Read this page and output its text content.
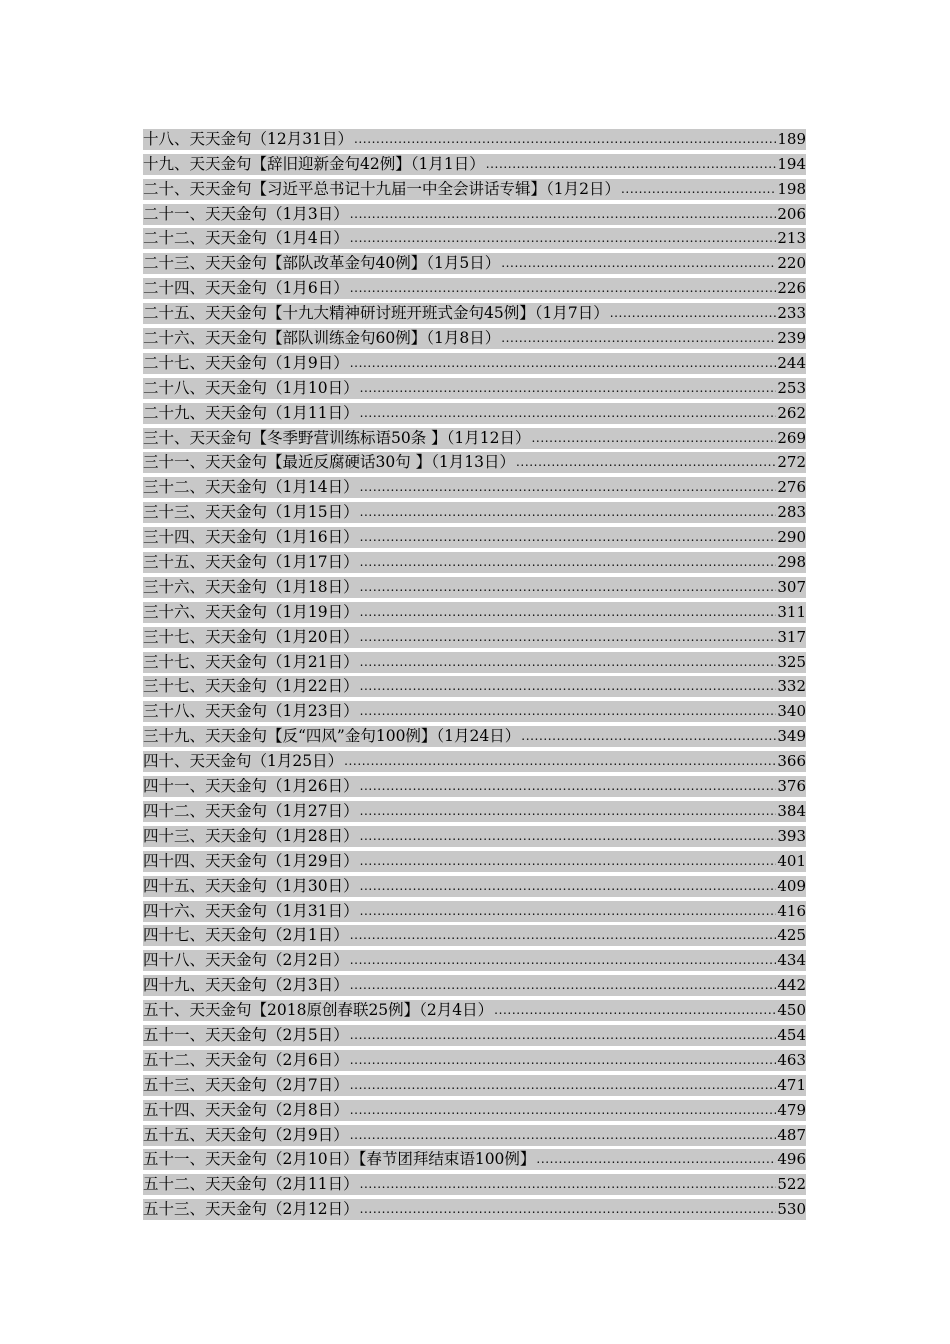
十八、天天金句（12月31日） .....	189
十九、天天金句【辞旧迎新金句42例】（1月1日） .....	194
二十、天天金句【习近平总书记十九届一中全会讲话专辑】（1月2日） .....	198
二十一、天天金句（1月3日） .....	206
二十二、天天金句（1月4日） .....	213
二十三、天天金句【部队改革金句40例】（1月5日） .....	220
二十四、天天金句（1月6日） .....	226
二十五、天天金句【十九大精神研讨班开班式金句45例】（1月7日） .....	233
二十六、天天金句【部队训练金句60例】（1月8日） .....	239
二十七、天天金句（1月9日） .....	244
二十八、天天金句（1月10日） .....	253
二十九、天天金句（1月11日） .....	262
三十、天天金句【冬季野营训练标语50条 】（1月12日） .....	269
三十一、天天金句【最近反腐硬话30句 】（1月13日） .....	272
三十二、天天金句（1月14日） .....	276
三十三、天天金句（1月15日） .....	283
三十四、天天金句（1月16日） .....	290
三十五、天天金句（1月17日） .....	298
三十六、天天金句（1月18日） .....	307
三十六、天天金句（1月19日） .....	311
三十七、天天金句（1月20日） .....	317
三十七、天天金句（1月21日） .....	325
三十七、天天金句（1月22日） .....	332
三十八、天天金句（1月23日） .....	340
三十九、天天金句【反“四风”金句100例】（1月24日） .....	349
四十、天天金句（1月25日） .....	366
四十一、天天金句（1月26日） .....	376
四十二、天天金句（1月27日） .....	384
四十三、天天金句（1月28日） .....	393
四十四、天天金句（1月29日） .....	401
四十五、天天金句（1月30日） .....	409
四十六、天天金句（1月31日） .....	416
四十七、天天金句（2月1日） .....	425
四十八、天天金句（2月2日） .....	434
四十九、天天金句（2月3日） .....	442
五十、天天金句【2018原创春联25例】（2月4日） .....	450
五十一、天天金句（2月5日） .....	454
五十二、天天金句（2月6日） .....	463
五十三、天天金句（2月7日） .....	471
五十四、天天金句（2月8日） .....	479
五十五、天天金句（2月9日） .....	487
五十一、天天金句（2月10日）【春节团拜结束语100例】 .....	496
五十二、天天金句（2月11日） .....	522
五十三、天天金句（2月12日） .....	530
